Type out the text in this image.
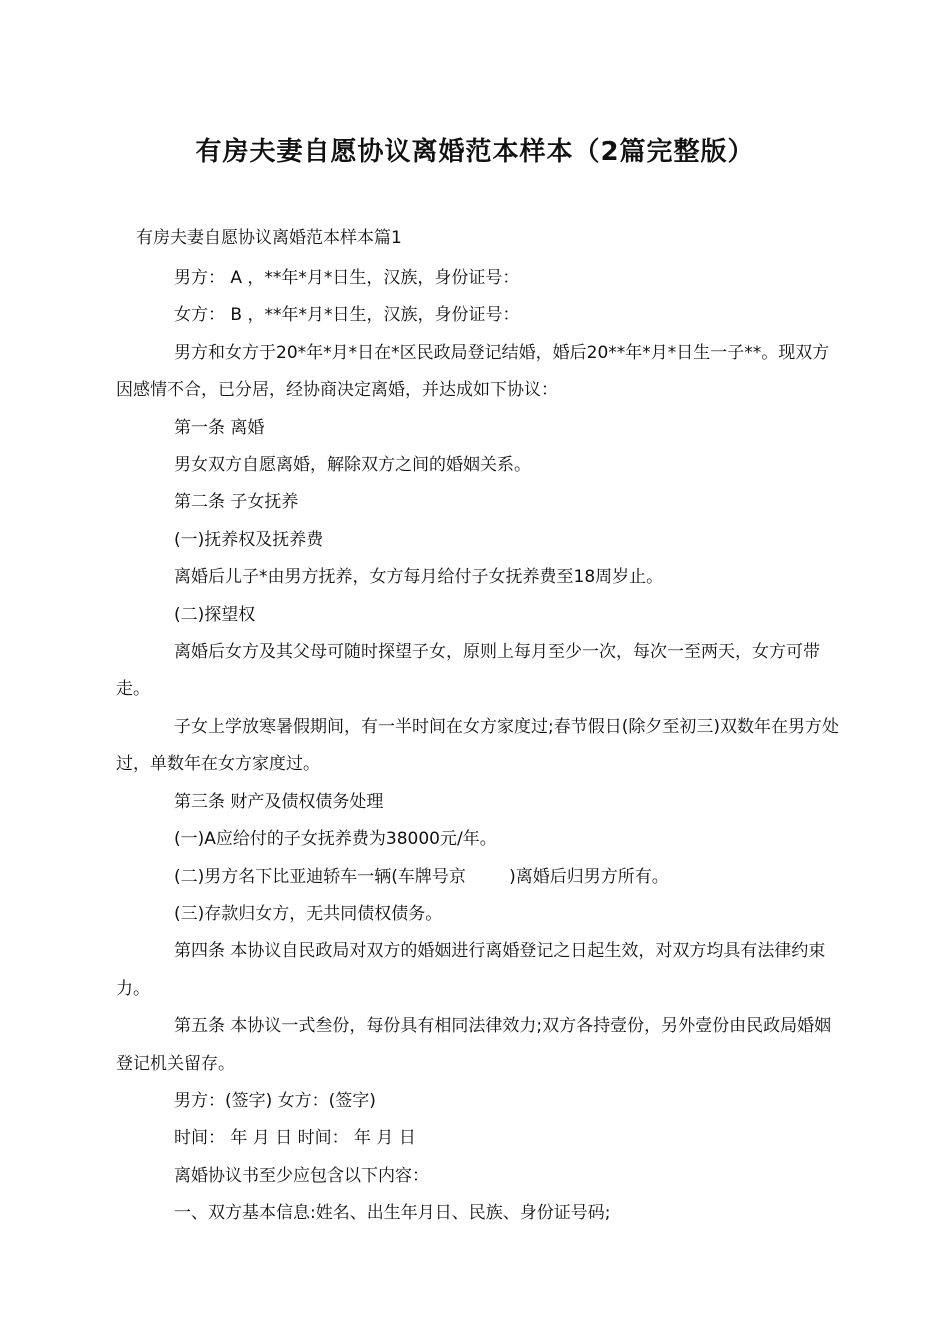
有房夫妻自愿协议离婚范本样本（2篇完整版）
有房夫妻自愿协议离婚范本样本篇1

男方： A ，**年*月*日生，汉族，身份证号：

女方： B ，**年*月*日生，汉族，身份证号：

男方和女方于20*年*月*日在*区民政局登记结婚，婚后20**年*月*日生一子**。现双方因感情不合，已分居，经协商决定离婚，并达成如下协议：

第一条 离婚

男女双方自愿离婚，解除双方之间的婚姻关系。

第二条 子女抚养

(一)抚养权及抚养费

离婚后儿子*由男方抚养，女方每月给付子女抚养费至18周岁止。

(二)探望权

离婚后女方及其父母可随时探望子女，原则上每月至少一次，每次一至两天，女方可带走。

子女上学放寒暑假期间，有一半时间在女方家度过;春节假日(除夕至初三)双数年在男方处过，单数年在女方家度过。

第三条 财产及债权债务处理

(一)A应给付的子女抚养费为38000元/年。

(二)男方名下比亚迪轿车一辆(车牌号京        )离婚后归男方所有。

(三)存款归女方，无共同债权债务。

第四条 本协议自民政局对双方的婚姻进行离婚登记之日起生效，对双方均具有法律约束力。

第五条 本协议一式叁份，每份具有相同法律效力;双方各持壹份，另外壹份由民政局婚姻登记机关留存。

男方：(签字) 女方：(签字)

时间： 年 月 日 时间： 年 月 日

离婚协议书至少应包含以下内容：

一、双方基本信息:姓名、出生年月日、民族、身份证号码;
